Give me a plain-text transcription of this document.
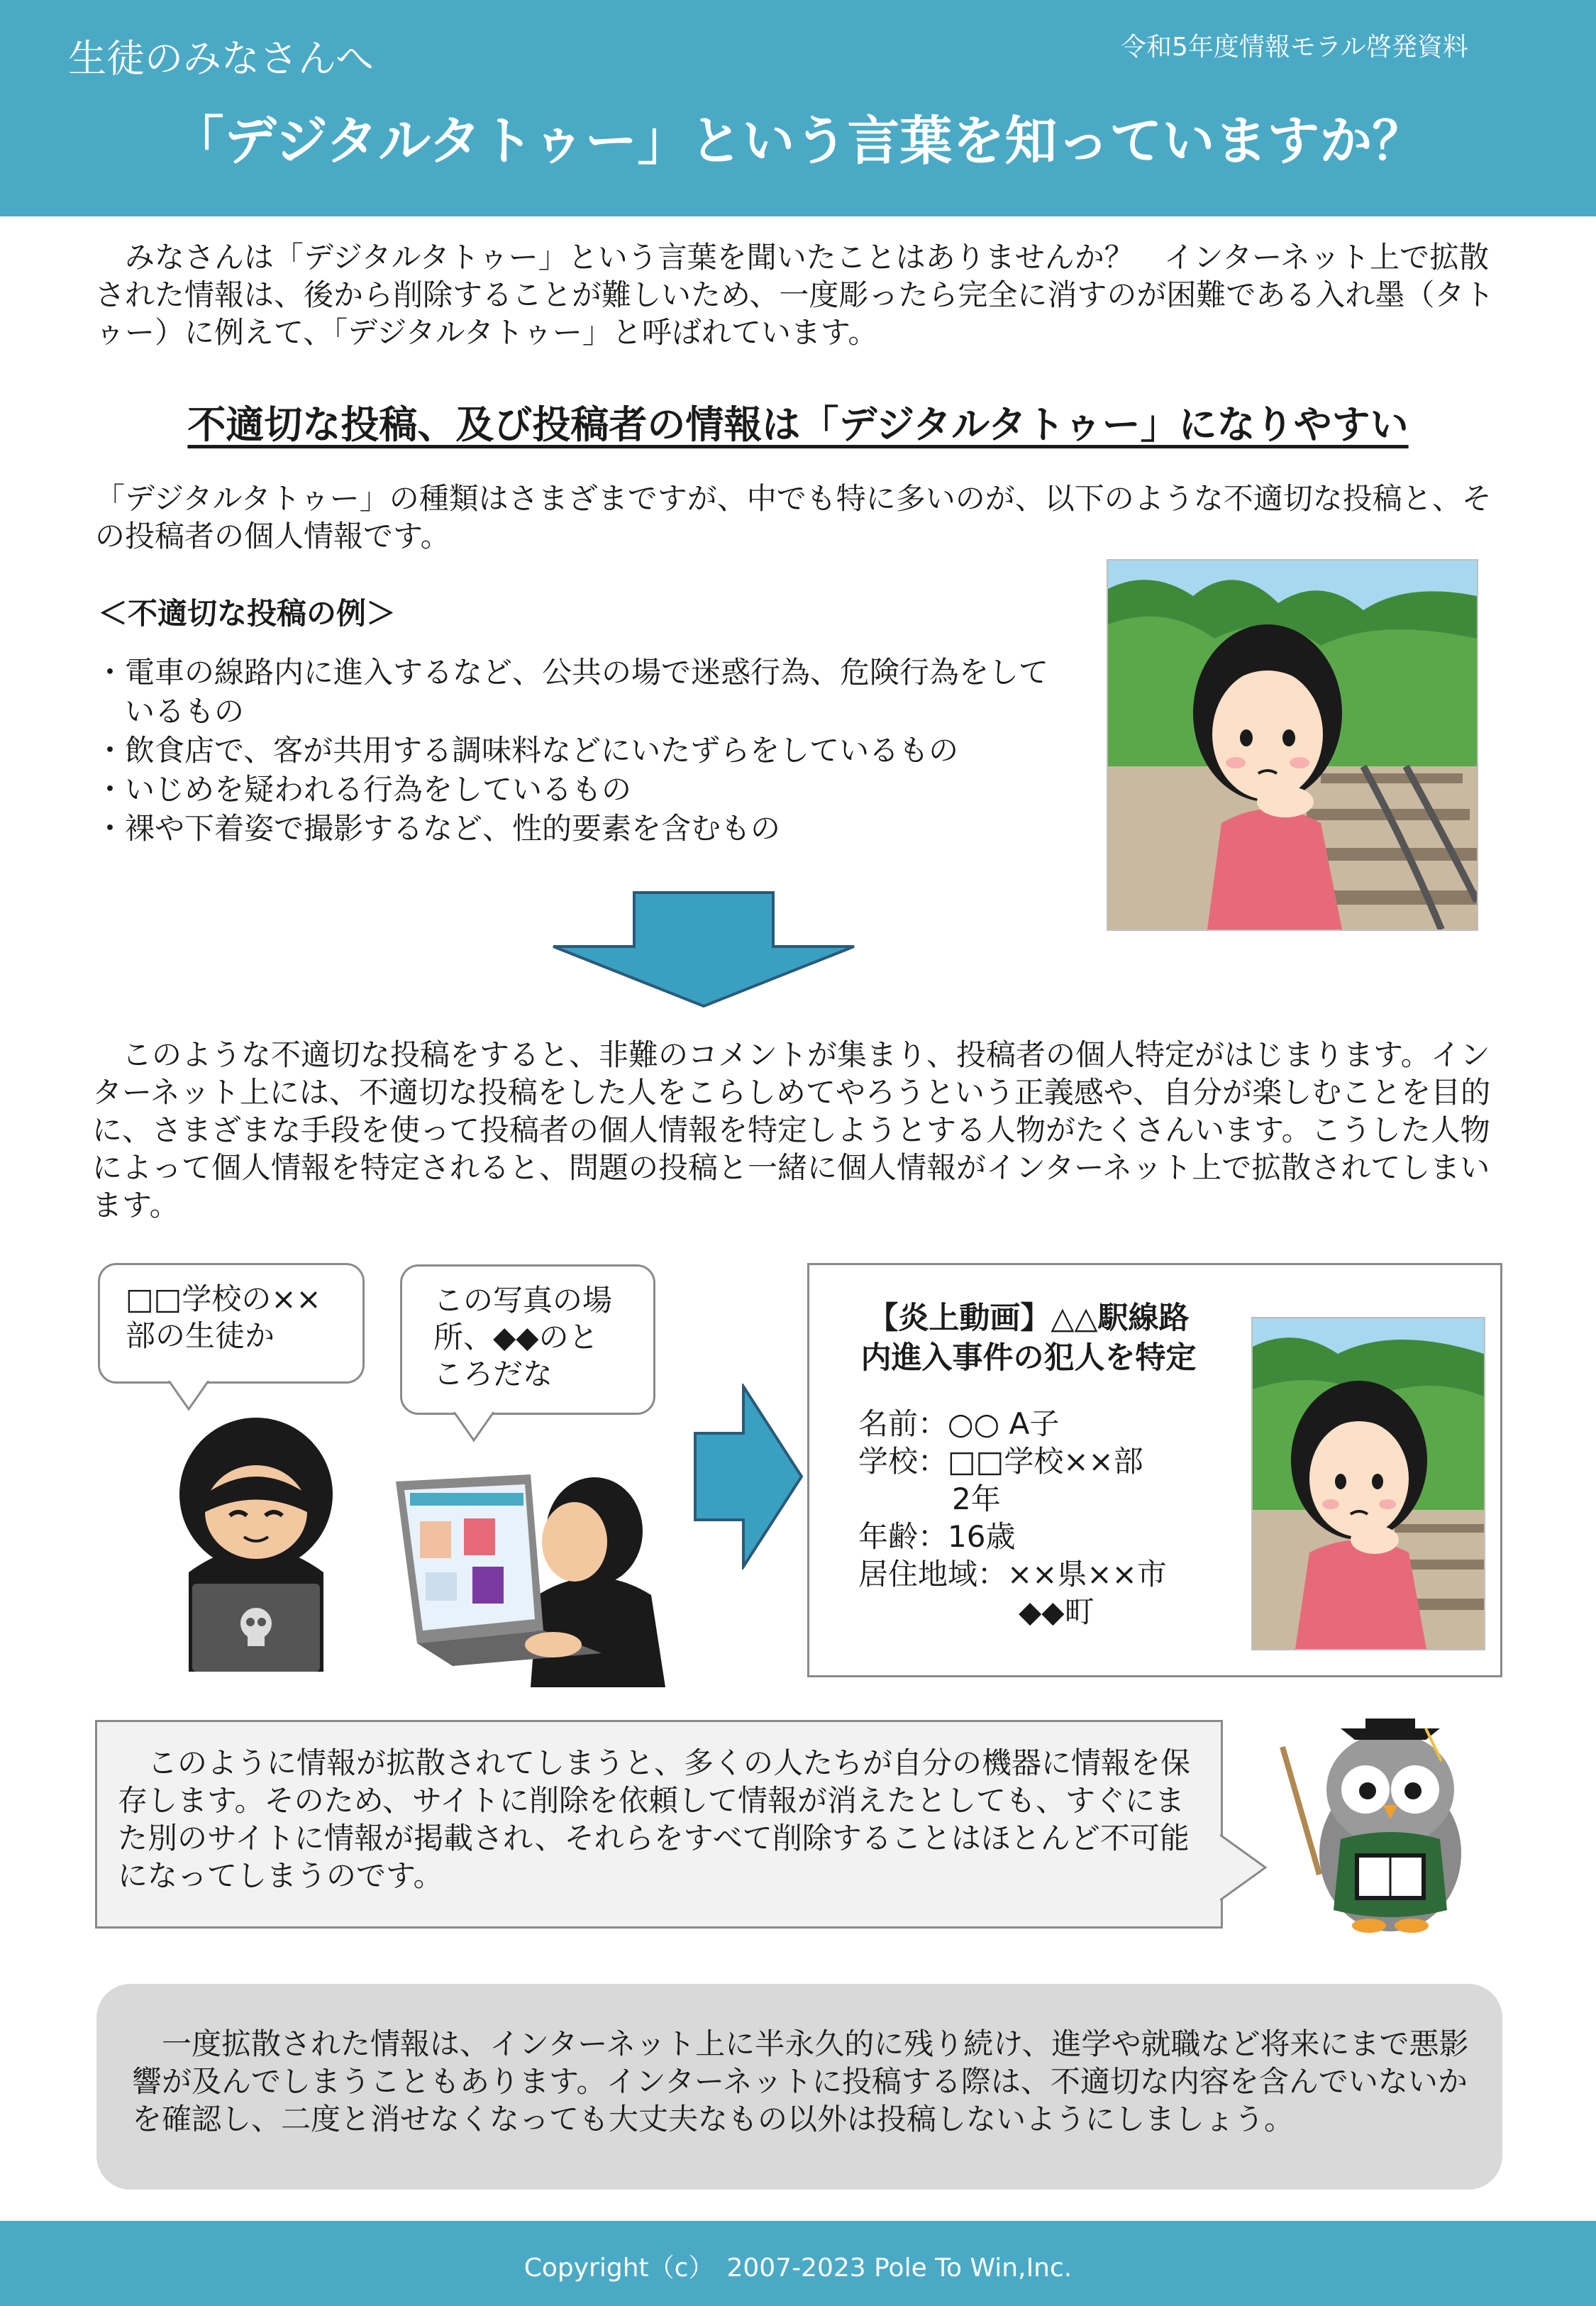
生徒のみなさんへ	令和5年度情報モラル啓発資料
「デジタルタトゥー」という言葉を知っていますか？

　みなさんは「デジタルタトゥー」という言葉を聞いたことはありませんか？　インターネット上で拡散された情報は、後から削除することが難しいため、一度彫ったら完全に消すのが困難である入れ墨（タトゥー）に例えて、「デジタルタトゥー」と呼ばれています。

不適切な投稿、及び投稿者の情報は「デジタルタトゥー」になりやすい

「デジタルタトゥー」の種類はさまざまですが、中でも特に多いのが、以下のような不適切な投稿と、その投稿者の個人情報です。

＜不適切な投稿の例＞
・電車の線路内に進入するなど、公共の場で迷惑行為、危険行為をしているもの
・飲食店で、客が共用する調味料などにいたずらをしているもの
・いじめを疑われる行為をしているもの
・裸や下着姿で撮影するなど、性的要素を含むもの

　このような不適切な投稿をすると、非難のコメントが集まり、投稿者の個人特定がはじまります。インターネット上には、不適切な投稿をした人をこらしめてやろうという正義感や、自分が楽しむことを目的に、さまざまな手段を使って投稿者の個人情報を特定しようとする人物がたくさんいます。こうした人物によって個人情報を特定されると、問題の投稿と一緒に個人情報がインターネット上で拡散されてしまいます。

□□学校の××
部の生徒か
この写真の場
所、◆◆のと
ころだな
【炎上動画】△△駅線路
内進入事件の犯人を特定
名前：○○ A子
学校：□□学校××部
2年
年齢：16歳
居住地域：××県××市
◆◆町
　このように情報が拡散されてしまうと、多くの人たちが自分の機器に情報を保存します。そのため、サイトに削除を依頼して情報が消えたとしても、すぐにまた別のサイトに情報が掲載され、それらをすべて削除することはほとんど不可能になってしまうのです。
　一度拡散された情報は、インターネット上に半永久的に残り続け、進学や就職など将来にまで悪影響が及んでしまうこともあります。インターネットに投稿する際は、不適切な内容を含んでいないかを確認し、二度と消せなくなっても大丈夫なもの以外は投稿しないようにしましょう。
Copyright（c）　2007-2023 Pole To Win,Inc.
